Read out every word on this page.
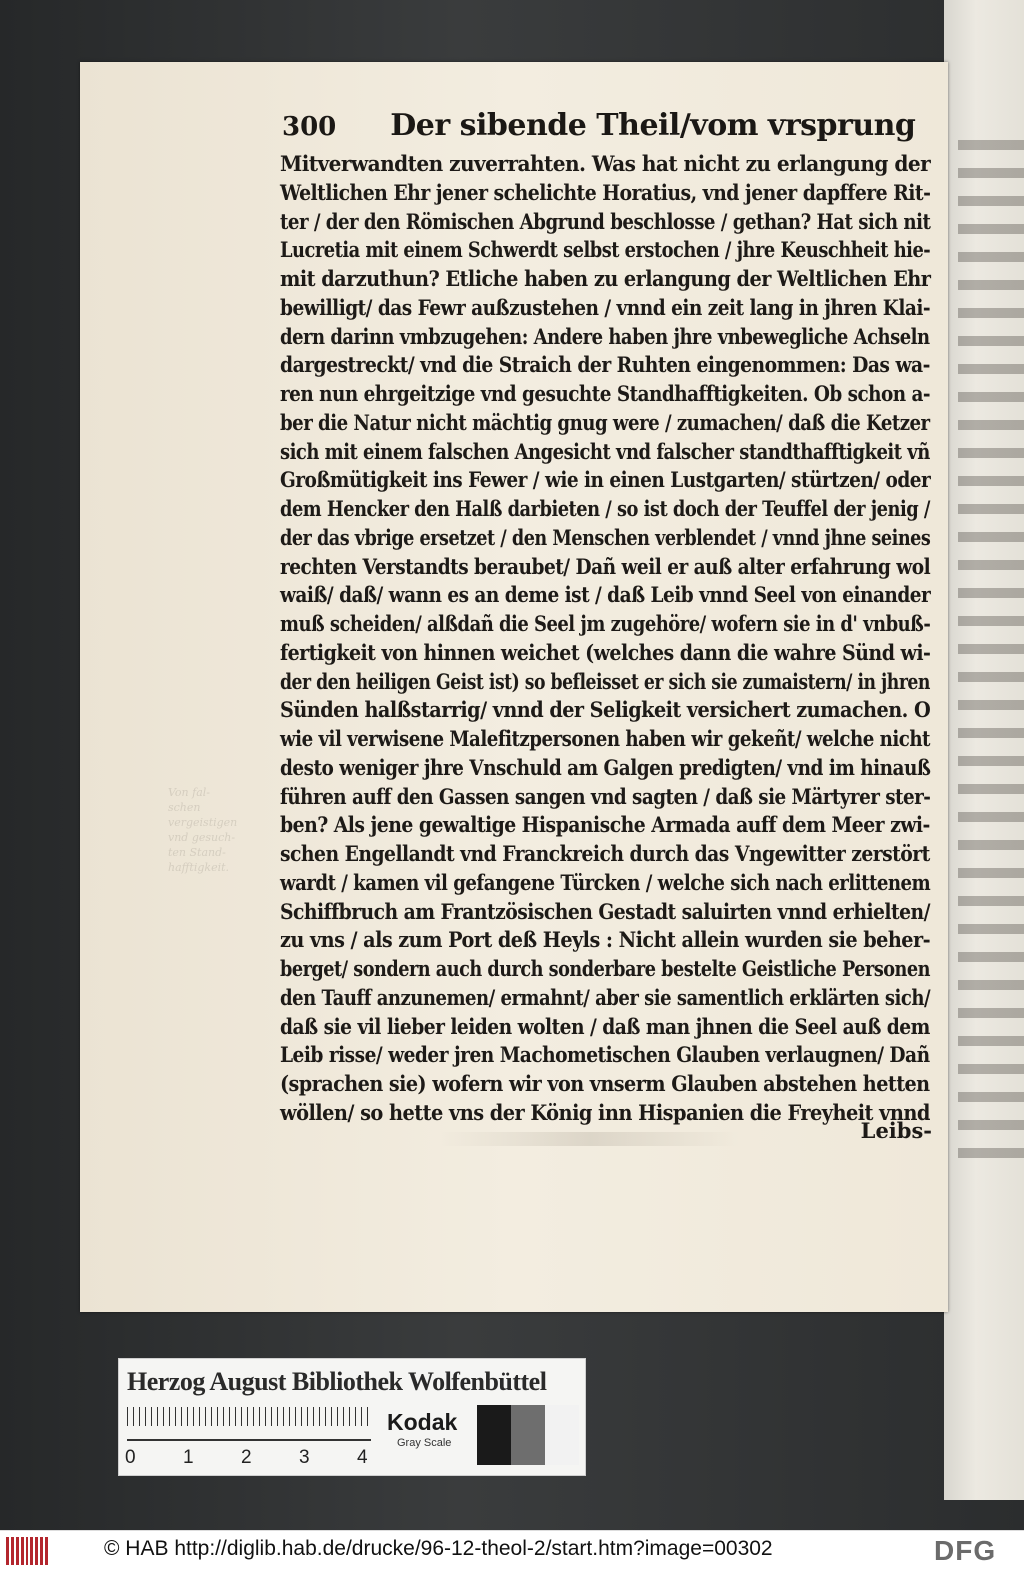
300 Der sibende Theil/vom vrsprung
Von fal-
schen vergeistigen
vnd gesuch-
ten Stand-
hafftigkeit.
Mitverwandten zuverrahten. Was hat nicht zu erlangung der
Weltlichen Ehr jener schelichte Horatius, vnd jener dapffere Rit-
ter / der den Römischen Abgrund beschlosse / gethan? Hat sich nit
Lucretia mit einem Schwerdt selbst erstochen / jhre Keuschheit hie-
mit darzuthun? Etliche haben zu erlangung der Weltlichen Ehr
bewilligt/ das Fewr außzustehen / vnnd ein zeit lang in jhren Klai-
dern darinn vmbzugehen: Andere haben jhre vnbewegliche Achseln
dargestreckt/ vnd die Straich der Ruhten eingenommen: Das wa-
ren nun ehrgeitzige vnd gesuchte Standhafftigkeiten. Ob schon a-
ber die Natur nicht mächtig gnug were / zumachen/ daß die Ketzer
sich mit einem falschen Angesicht vnd falscher standthafftigkeit vñ
Großmütigkeit ins Fewer / wie in einen Lustgarten/ stürtzen/ oder
dem Hencker den Halß darbieten / so ist doch der Teuffel der jenig /
der das vbrige ersetzet / den Menschen verblendet / vnnd jhne seines
rechten Verstandts beraubet/ Dañ weil er auß alter erfahrung wol
waiß/ daß/ wann es an deme ist / daß Leib vnnd Seel von einander
muß scheiden/ alßdañ die Seel jm zugehöre/ wofern sie in d' vnbuß-
fertigkeit von hinnen weichet (welches dann die wahre Sünd wi-
der den heiligen Geist ist) so befleisset er sich sie zumaistern/ in jhren
Sünden halßstarrig/ vnnd der Seligkeit versichert zumachen. O
wie vil verwisene Malefitzpersonen haben wir gekeñt/ welche nicht
desto weniger jhre Vnschuld am Galgen predigten/ vnd im hinauß
führen auff den Gassen sangen vnd sagten / daß sie Märtyrer ster-
ben? Als jene gewaltige Hispanische Armada auff dem Meer zwi-
schen Engellandt vnd Franckreich durch das Vngewitter zerstört
wardt / kamen vil gefangene Türcken / welche sich nach erlittenem
Schiffbruch am Frantzösischen Gestadt saluirten vnnd erhielten/
zu vns / als zum Port deß Heyls : Nicht allein wurden sie beher-
berget/ sondern auch durch sonderbare bestelte Geistliche Personen
den Tauff anzunemen/ ermahnt/ aber sie samentlich erklärten sich/
daß sie vil lieber leiden wolten / daß man jhnen die Seel auß dem
Leib risse/ weder jren Machometischen Glauben verlaugnen/ Dañ
(sprachen sie) wofern wir von vnserm Glauben abstehen hetten
wöllen/ so hette vns der König inn Hispanien die Freyheit vnnd
Leibs-
Herzog August Bibliothek Wolfenbüttel
0 1 2 3 4
Kodak
Gray Scale
© HAB http://diglib.hab.de/drucke/96-12-theol-2/start.htm?image=00302	DFG
